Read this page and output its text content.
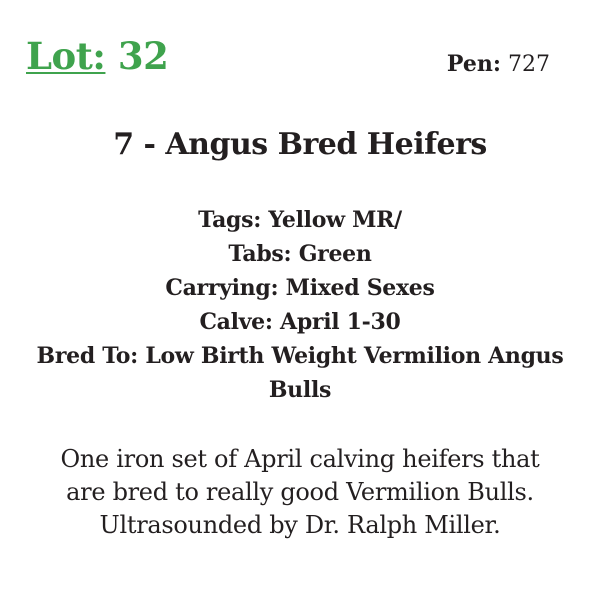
Lot: 32	Pen: 727
7 - Angus Bred Heifers
Tags: Yellow MR/
Tabs: Green
Carrying: Mixed Sexes
Calve: April 1-30
Bred To: Low Birth Weight Vermilion Angus
Bulls
One iron set of April calving heifers that
are bred to really good Vermilion Bulls.
Ultrasounded by Dr. Ralph Miller.
